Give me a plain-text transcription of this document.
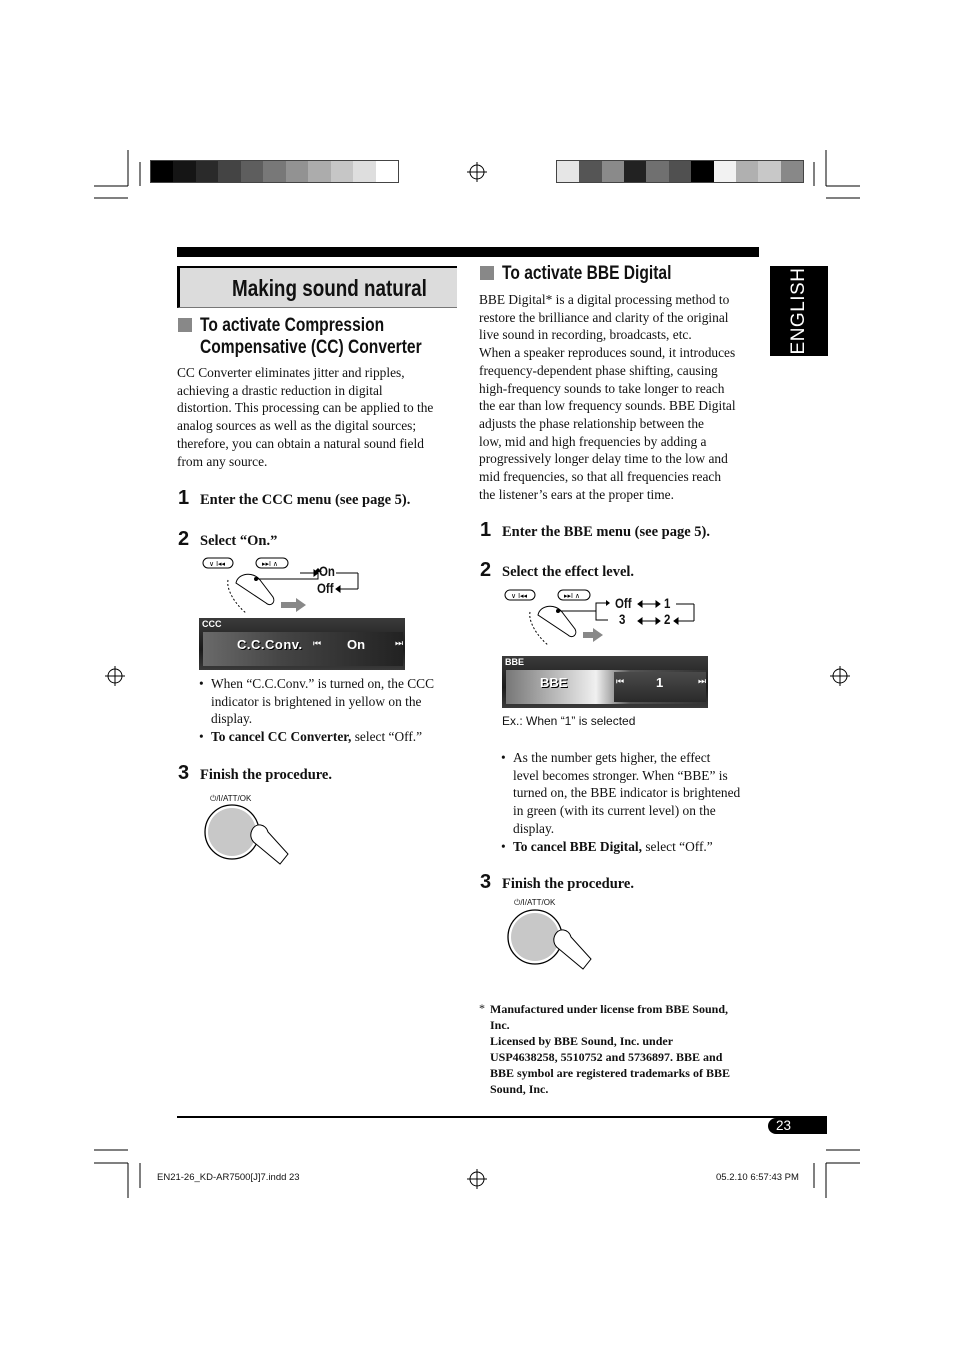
ENGLISH
Making sound natural
To activate Compression
Compensative (CC) Converter
CC Converter eliminates jitter and ripples,
achieving a drastic reduction in digital
distortion. This processing can be applied to the
analog sources as well as the digital sources;
therefore, you can obtain a natural sound field
from any source.
1 Enter the CCC menu (see page 5).
2 Select “On.”
∨ I◂◂	▸▸I ∧	On
Off
CCC
C.C.Conv. ⏮ On	⏭
• When “C.C.Conv.” is turned on, the CCC
indicator is brightened in yellow on the
display.
• To cancel CC Converter, select “Off.”
3 Finish the procedure.
⏻/I/ATT/OK
To activate BBE Digital
BBE Digital* is a digital processing method to
restore the brilliance and clarity of the original
live sound in recording, broadcasts, etc.
When a speaker reproduces sound, it introduces
frequency-dependent phase shifting, causing
high-frequency sounds to take longer to reach
the ear than low frequency sounds. BBE Digital
adjusts the phase relationship between the
low, mid and high frequencies by adding a
progressively longer delay time to the low and
mid frequencies, so that all frequencies reach
the listener’s ears at the proper time.
1 Enter the BBE menu (see page 5).
2 Select the effect level.
∨ I◂◂	▸▸I ∧ Off
3
1
2
BBE
BBE	⏮ 1	⏭
Ex.: When “1” is selected
• As the number gets higher, the effect
level becomes stronger. When “BBE” is
turned on, the BBE indicator is brightened
in green (with its current level) on the
display.
• To cancel BBE Digital, select “Off.”
3 Finish the procedure.
⏻/I/ATT/OK
* Manufactured under license from BBE Sound,
Inc.
Licensed by BBE Sound, Inc. under
USP4638258, 5510752 and 5736897. BBE and
BBE symbol are registered trademarks of BBE
Sound, Inc.
23
EN21-26_KD-AR7500[J]7.indd 23	05.2.10 6:57:43 PM
